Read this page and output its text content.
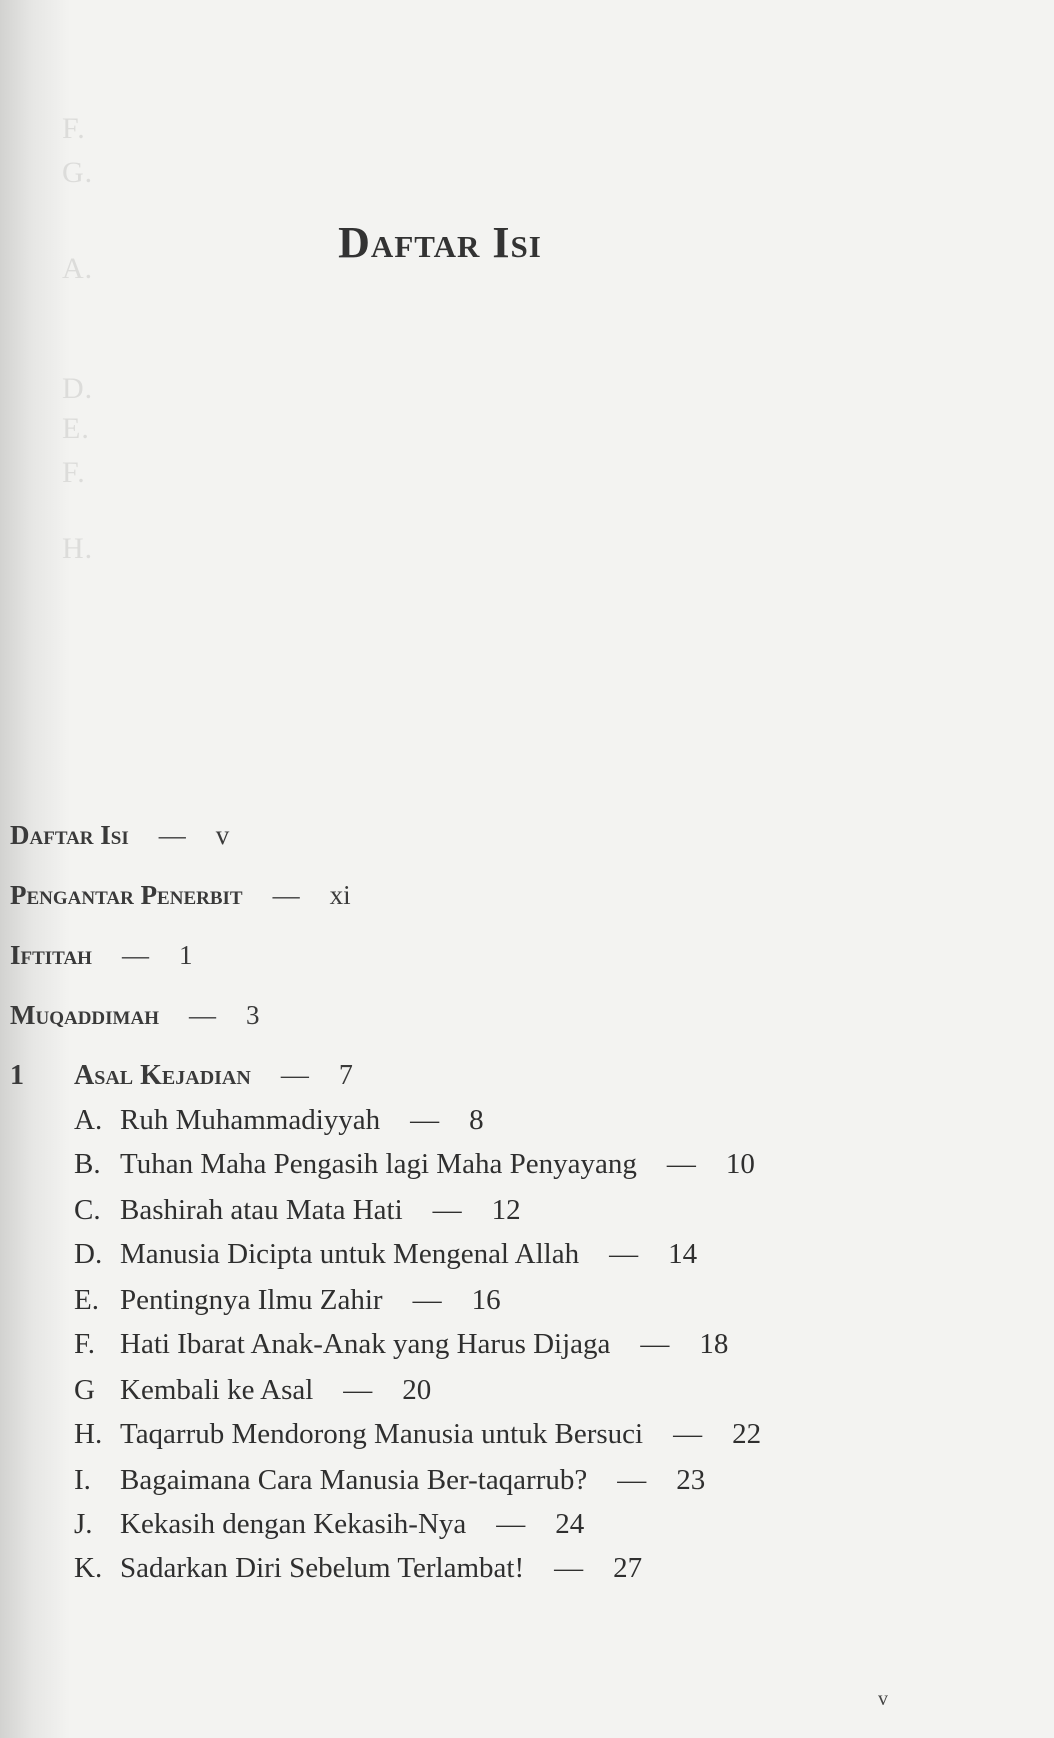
F.
G.
A.
D.
E.
F.
H.
Daftar Isi
Daftar Isi — v
Pengantar Penerbit — xi
Iftitah — 1
Muqaddimah — 3
1 Asal Kejadian — 7
A. Ruh Muhammadiyyah — 8
B. Tuhan Maha Pengasih lagi Maha Penyayang — 10
C. Bashirah atau Mata Hati — 12
D. Manusia Dicipta untuk Mengenal Allah — 14
E. Pentingnya Ilmu Zahir — 16
F. Hati Ibarat Anak-Anak yang Harus Dijaga — 18
G Kembali ke Asal — 20
H. Taqarrub Mendorong Manusia untuk Bersuci — 22
I. Bagaimana Cara Manusia Ber-taqarrub? — 23
J. Kekasih dengan Kekasih-Nya — 24
K. Sadarkan Diri Sebelum Terlambat! — 27
v
